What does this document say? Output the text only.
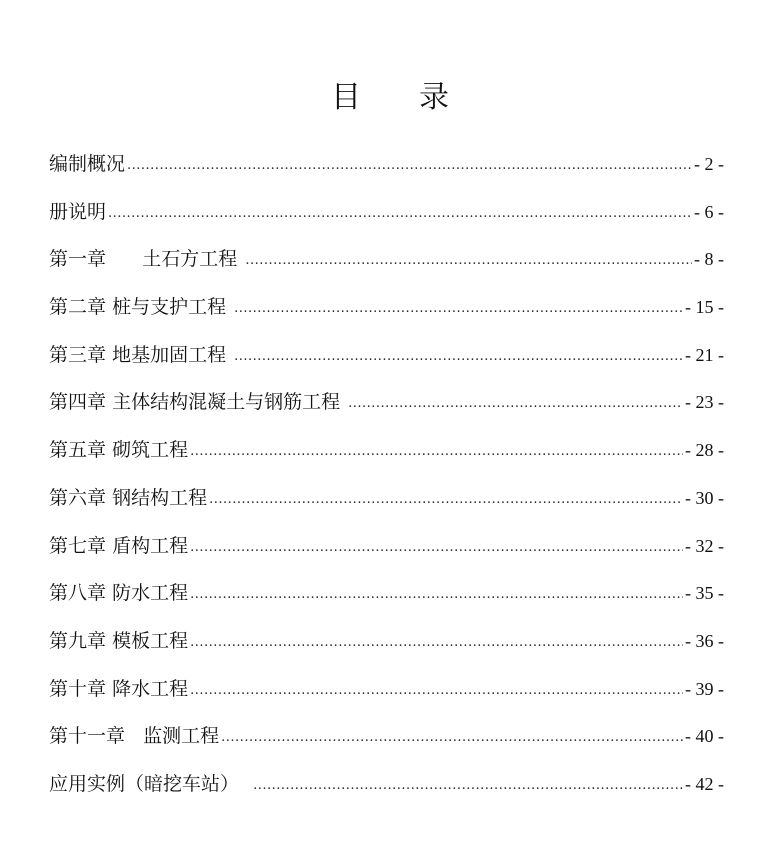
目 录
编制概况 .....	- 2 -
册说明 .....	- 6 -
第一章 土石方工程 .....	- 8 -
第二章 桩与支护工程 .....	- 15 -
第三章 地基加固工程 .....	- 21 -
第四章 主体结构混凝土与钢筋工程 .....	- 23 -
第五章 砌筑工程 .....	- 28 -
第六章 钢结构工程 .....	- 30 -
第七章 盾构工程 .....	- 32 -
第八章 防水工程 .....	- 35 -
第九章 模板工程 .....	- 36 -
第十章 降水工程 .....	- 39 -
第十一章 监测工程 .....	- 40 -
应用实例（暗挖车站） .....	- 42 -
